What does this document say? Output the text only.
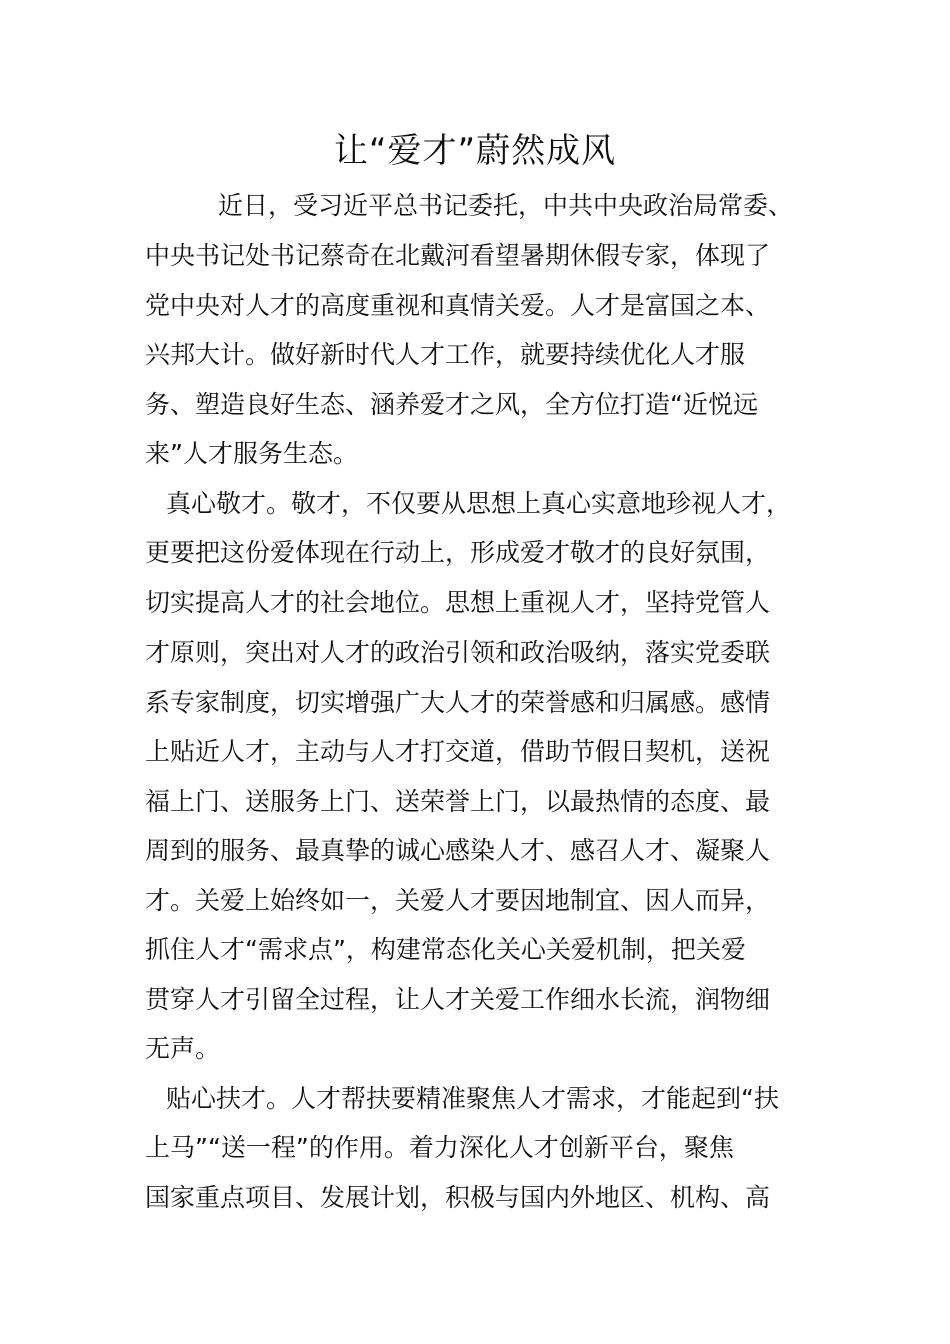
让“爱才”蔚然成风
近日，受习近平总书记委托，中共中央政治局常委、
中央书记处书记蔡奇在北戴河看望暑期休假专家，体现了
党中央对人才的高度重视和真情关爱。人才是富国之本、
兴邦大计。做好新时代人才工作，就要持续优化人才服
务、塑造良好生态、涵养爱才之风，全方位打造“近悦远
来”人才服务生态。
真心敬才。敬才，不仅要从思想上真心实意地珍视人才，
更要把这份爱体现在行动上，形成爱才敬才的良好氛围，
切实提高人才的社会地位。思想上重视人才，坚持党管人
才原则，突出对人才的政治引领和政治吸纳，落实党委联
系专家制度，切实增强广大人才的荣誉感和归属感。感情
上贴近人才，主动与人才打交道，借助节假日契机，送祝
福上门、送服务上门、送荣誉上门，以最热情的态度、最
周到的服务、最真挚的诚心感染人才、感召人才、凝聚人
才。关爱上始终如一，关爱人才要因地制宜、因人而异，
抓住人才“需求点”，构建常态化关心关爱机制，把关爱
贯穿人才引留全过程，让人才关爱工作细水长流，润物细
无声。
贴心扶才。人才帮扶要精准聚焦人才需求，才能起到“扶
上马”“送一程”的作用。着力深化人才创新平台，聚焦
国家重点项目、发展计划，积极与国内外地区、机构、高
